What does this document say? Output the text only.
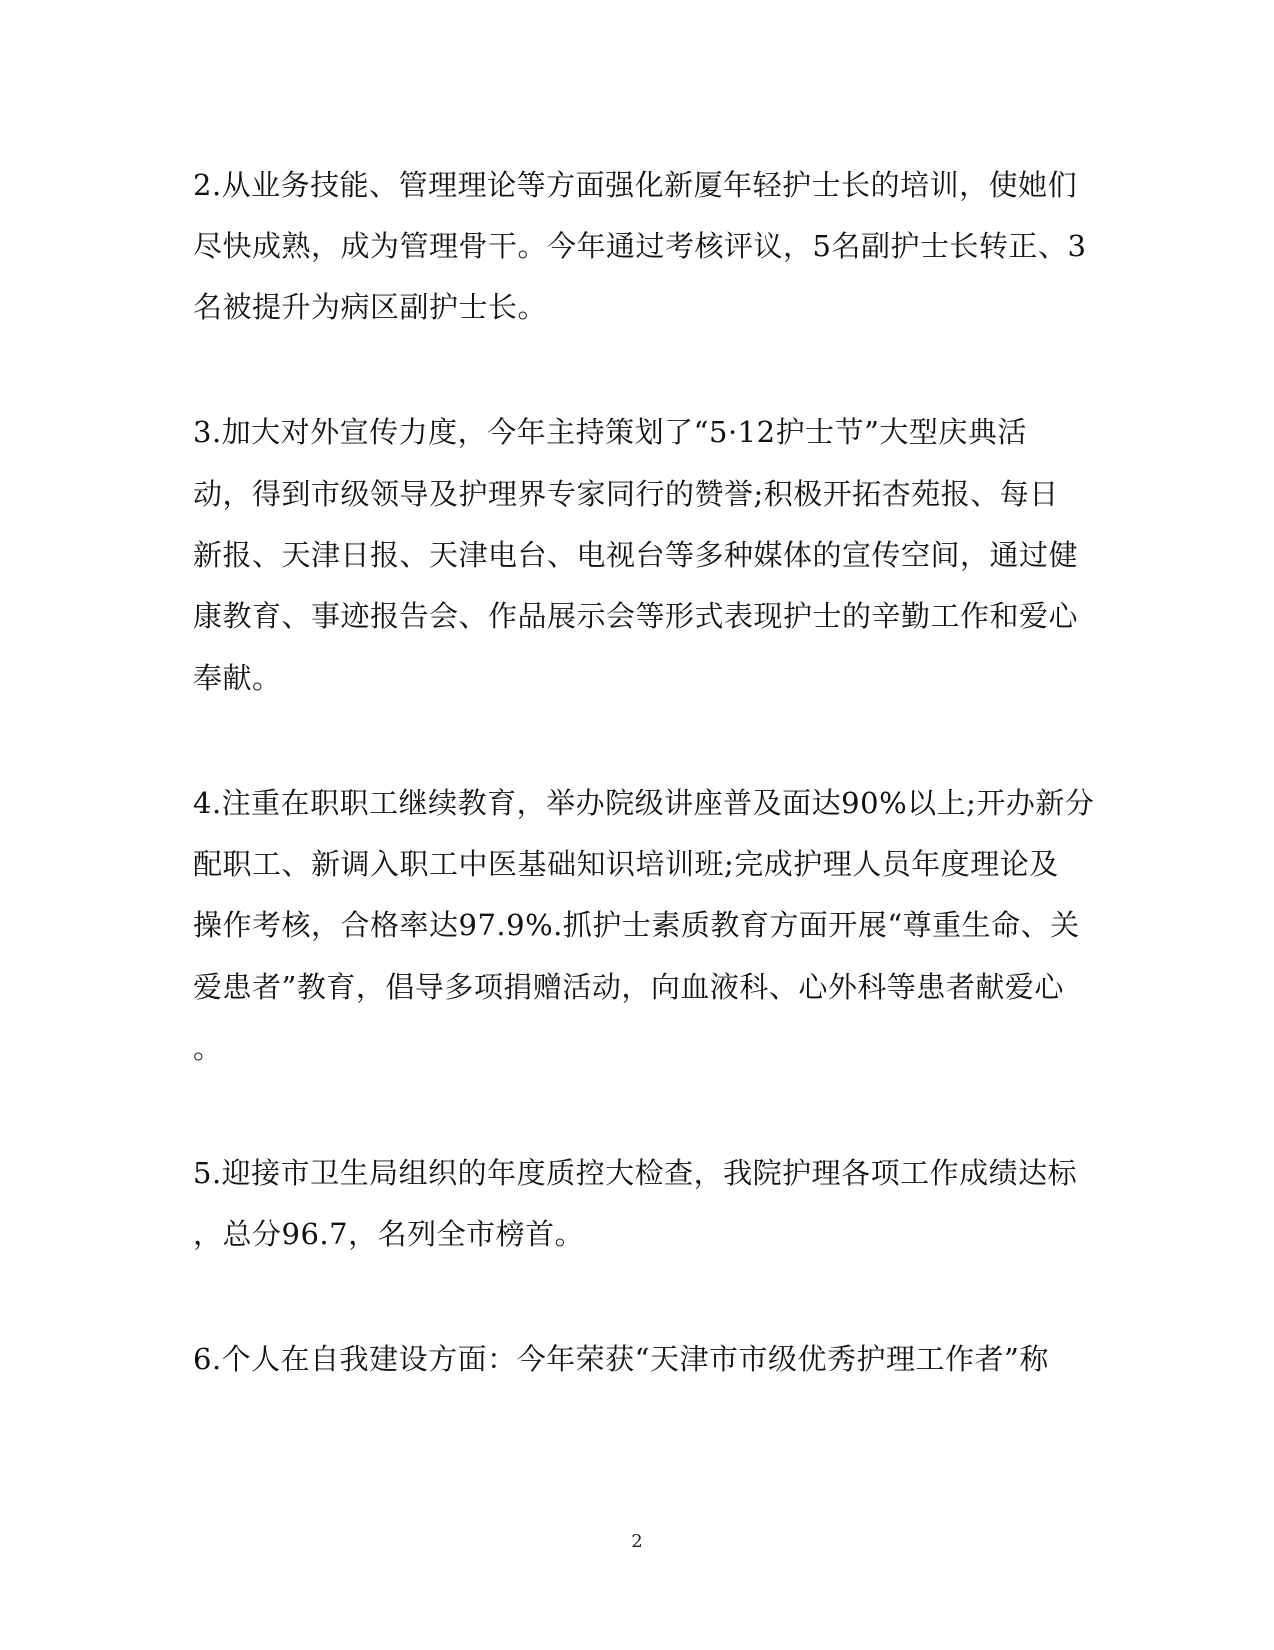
2.从业务技能、管理理论等方面强化新厦年轻护士长的培训，使她们
尽快成熟，成为管理骨干。今年通过考核评议，5名副护士长转正、3
名被提升为病区副护士长。
3.加大对外宣传力度，今年主持策划了“5·12护士节”大型庆典活
动，得到市级领导及护理界专家同行的赞誉;积极开拓杏苑报、每日
新报、天津日报、天津电台、电视台等多种媒体的宣传空间，通过健
康教育、事迹报告会、作品展示会等形式表现护士的辛勤工作和爱心
奉献。
4.注重在职职工继续教育，举办院级讲座普及面达90%以上;开办新分
配职工、新调入职工中医基础知识培训班;完成护理人员年度理论及
操作考核，合格率达97.9%.抓护士素质教育方面开展“尊重生命、关
爱患者”教育，倡导多项捐赠活动，向血液科、心外科等患者献爱心
。
5.迎接市卫生局组织的年度质控大检查，我院护理各项工作成绩达标
，总分96.7，名列全市榜首。
6.个人在自我建设方面：今年荣获“天津市市级优秀护理工作者”称
2
